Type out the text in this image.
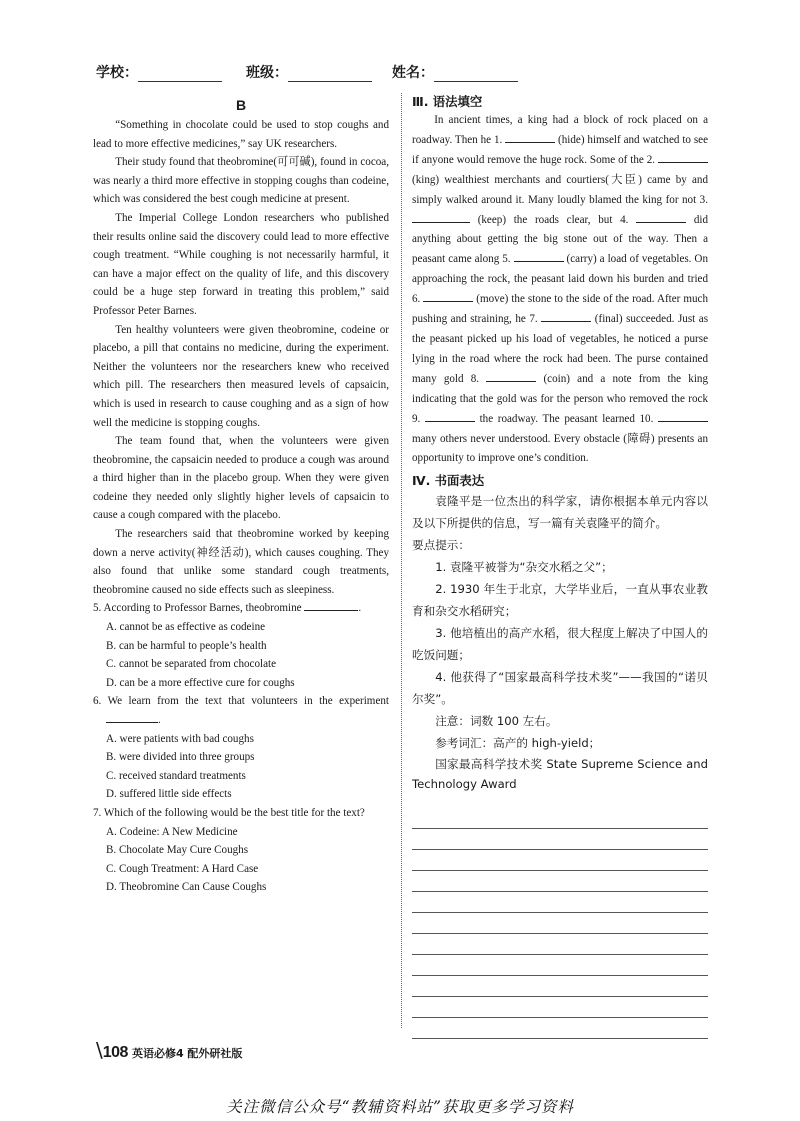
学校：	班级：	姓名：
B

“Something in chocolate could be used to stop coughs and lead to more effective medicines,” say UK researchers.

Their study found that theobromine(可可碱), found in cocoa, was nearly a third more effective in stopping coughs than codeine, which was considered the best cough medicine at present.

The Imperial College London researchers who published their results online said the discovery could lead to more effective cough treatment. “While coughing is not necessarily harmful, it can have a major effect on the quality of life, and this discovery could be a huge step forward in treating this problem,” said Professor Peter Barnes.

Ten healthy volunteers were given theobromine, codeine or placebo, a pill that contains no medicine, during the experiment. Neither the volunteers nor the researchers knew who received which pill. The researchers then measured levels of capsaicin, which is used in research to cause coughing and as a sign of how well the medicine is stopping coughs.

The team found that, when the volunteers were given theobromine, the capsaicin needed to produce a cough was around a third higher than in the placebo group. When they were given codeine they needed only slightly higher levels of capsaicin to cause a cough compared with the placebo.

The researchers said that theobromine worked by keeping down a nerve activity(神经活动), which causes coughing. They also found that unlike some standard cough treatments, theobromine caused no side effects such as sleepiness.

5. According to Professor Barnes, theobromine	.

A. cannot be as effective as codeine

B. can be harmful to people’s health

C. cannot be separated from chocolate

D. can be a more effective cure for coughs

6. We learn from the text that volunteers in the experiment .

A. were patients with bad coughs

B. were divided into three groups

C. received standard treatments

D. suffered little side effects

7. Which of the following would be the best title for the text?

A. Codeine: A New Medicine

B. Chocolate May Cure Coughs

C. Cough Treatment: A Hard Case

D. Theobromine Can Cause Coughs

Ⅲ. 语法填空

In ancient times, a king had a block of rock placed on a roadway. Then he 1.	(hide) himself and watched to see if anyone would remove the huge rock. Some of the 2.  (king) wealthiest merchants and courtiers(大臣) came by and simply walked around it. Many loudly blamed the king for not 3.  (keep) the roads clear, but 4.	did anything about getting the big stone out of the way. Then a peasant came along 5.	(carry) a load of vegetables. On approaching the rock, the peasant laid down his burden and tried 6.	(move) the stone to the side of the road. After much pushing and straining, he 7.	(final) succeeded. Just as the peasant picked up his load of vegetables, he noticed a purse lying in the road where the rock had been. The purse contained many gold 8.	(coin) and a note from the king indicating that the gold was for the person who removed the rock 9.	the roadway. The peasant learned 10.  many others never understood. Every obstacle (障碍) presents an opportunity to improve one’s condition.

Ⅳ. 书面表达

袁隆平是一位杰出的科学家，请你根据本单元内容以及以下所提供的信息，写一篇有关袁隆平的简介。

要点提示：

1. 袁隆平被誉为“杂交水稻之父”；

2. 1930 年生于北京，大学毕业后，一直从事农业教育和杂交水稻研究；

3. 他培植出的高产水稻，很大程度上解决了中国人的吃饭问题；

4. 他获得了“国家最高科学技术奖”——我国的“诺贝尔奖”。

注意：词数 100 左右。

参考词汇：高产的 high-yield；

国家最高科学技术奖 State Supreme Science and Technology Award

\108 英语必修4 配外研社版
关注微信公众号“教辅资料站”获取更多学习资料
